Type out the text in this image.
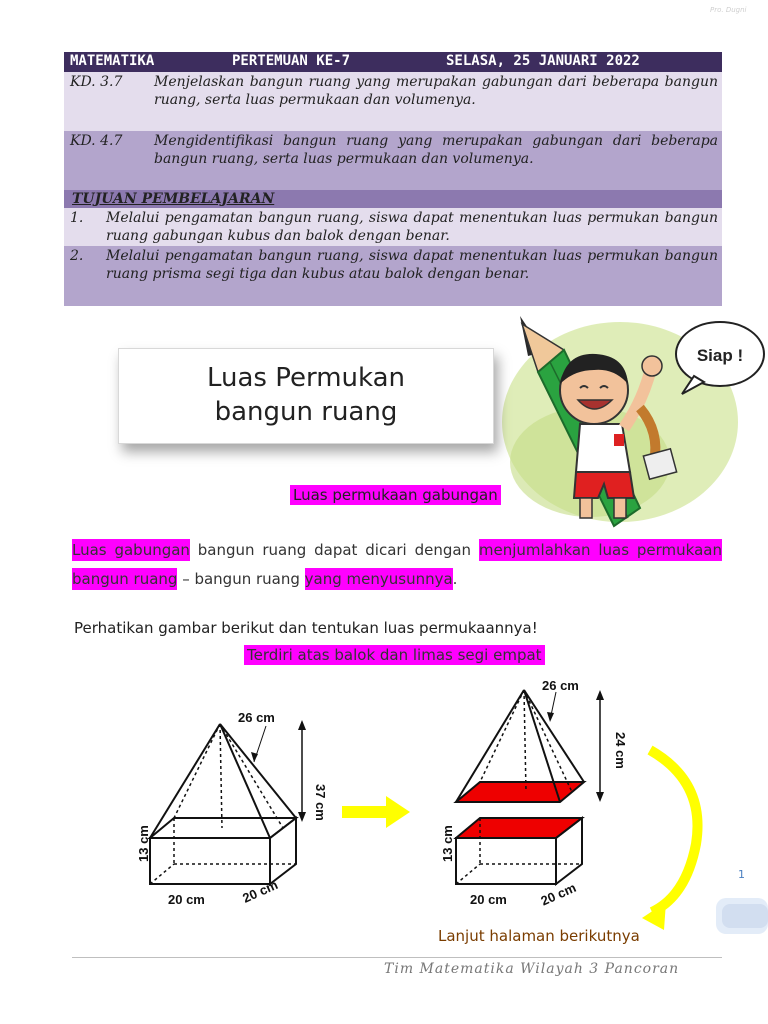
Pro. Dugni
MATEMATIKA	PERTEMUAN KE-7	SELASA, 25 JANUARI 2022
KD. 3.7 Menjelaskan bangun ruang yang merupakan gabungan dari beberapa bangun ruang, serta luas permukaan dan volumenya.
KD. 4.7 Mengidentifikasi bangun ruang yang merupakan gabungan dari beberapa bangun ruang, serta luas permukaan dan volumenya.
TUJUAN PEMBELAJARAN
1. Melalui pengamatan bangun ruang, siswa dapat menentukan luas permukan bangun ruang gabungan kubus dan balok dengan benar.
2. Melalui pengamatan bangun ruang, siswa dapat menentukan luas permukan bangun ruang prisma segi tiga dan kubus atau balok dengan benar.
Siap !
Luas Permukan
bangun ruang
Luas permukaan gabungan
Luas gabungan bangun ruang dapat dicari dengan menjumlahkan luas permukaan bangun ruang – bangun ruang yang menyusunnya.
Perhatikan gambar berikut dan tentukan luas permukaannya!
Terdiri atas balok dan limas segi empat
26 cm
37 cm
13 cm
20 cm	20 cm
26 cm
24 cm
13 cm
20 cm 20 cm
1
Lanjut halaman berikutnya
Tim Matematika Wilayah 3 Pancoran
